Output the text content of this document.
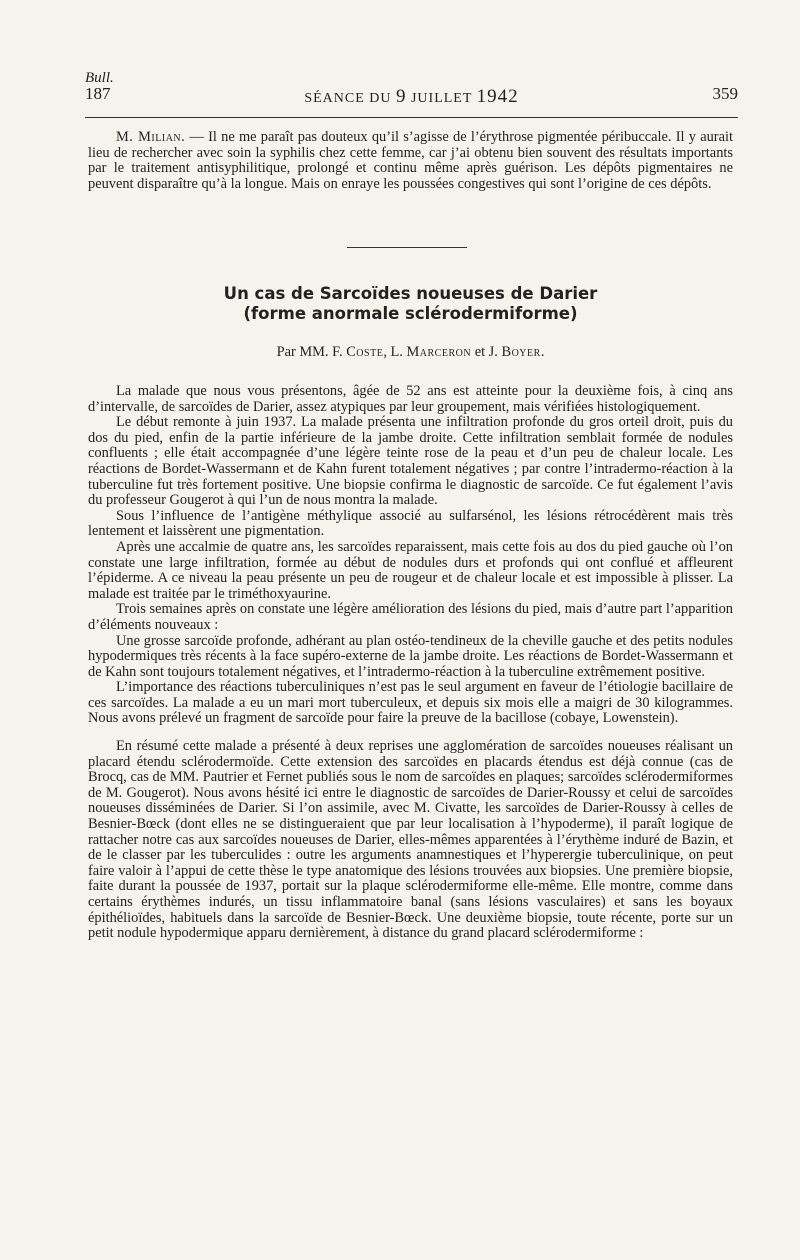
Bull.
187	SÉANCE DU 9 JUILLET 1942	359

M. Milian. — Il ne me paraît pas douteux qu’il s’agisse de l’érythrose pigmentée péribuccale. Il y aurait lieu de rechercher avec soin la syphilis chez cette femme, car j’ai obtenu bien souvent des résultats importants par le traitement antisyphilitique, prolongé et continu même après guérison. Les dépôts pigmentaires ne peuvent disparaître qu’à la longue. Mais on enraye les poussées congestives qui sont l’origine de ces dépôts.

Un cas de Sarcoïdes noueuses de Darier
(forme anormale sclérodermiforme)
Par MM. F. Coste, L. Marceron et J. Boyer.

La malade que nous vous présentons, âgée de 52 ans est atteinte pour la deuxième fois, à cinq ans d’intervalle, de sarcoïdes de Darier, assez atypiques par leur groupement, mais vérifiées histologiquement.

Le début remonte à juin 1937. La malade présenta une infiltration profonde du gros orteil droit, puis du dos du pied, enfin de la partie inférieure de la jambe droite. Cette infiltration semblait formée de nodules confluents ; elle était accompagnée d’une légère teinte rose de la peau et d’un peu de chaleur locale. Les réactions de Bordet-Wassermann et de Kahn furent totalement négatives ; par contre l’intradermo-réaction à la tuberculine fut très fortement positive. Une biopsie confirma le diagnostic de sarcoïde. Ce fut également l’avis du professeur Gougerot à qui l’un de nous montra la malade.

Sous l’influence de l’antigène méthylique associé au sulfarsénol, les lésions rétrocédèrent mais très lentement et laissèrent une pigmentation.

Après une accalmie de quatre ans, les sarcoïdes reparaissent, mais cette fois au dos du pied gauche où l’on constate une large infiltration, formée au début de nodules durs et profonds qui ont conflué et affleurent l’épiderme. A ce niveau la peau présente un peu de rougeur et de chaleur locale et est impossible à plisser. La malade est traitée par le triméthoxyaurine.

Trois semaines après on constate une légère amélioration des lésions du pied, mais d’autre part l’apparition d’éléments nouveaux :

Une grosse sarcoïde profonde, adhérant au plan ostéo-tendineux de la cheville gauche et des petits nodules hypodermiques très récents à la face supéro-externe de la jambe droite. Les réactions de Bordet-Wassermann et de Kahn sont toujours totalement négatives, et l’intradermo-réaction à la tuberculine extrêmement positive.

L’importance des réactions tuberculiniques n’est pas le seul argument en faveur de l’étiologie bacillaire de ces sarcoïdes. La malade a eu un mari mort tuberculeux, et depuis six mois elle a maigri de 30 kilogrammes. Nous avons prélevé un fragment de sarcoïde pour faire la preuve de la bacillose (cobaye, Lowenstein).

En résumé cette malade a présenté à deux reprises une agglomération de sarcoïdes noueuses réalisant un placard étendu sclérodermoïde. Cette extension des sarcoïdes en placards étendus est déjà connue (cas de Brocq, cas de MM. Pautrier et Fernet publiés sous le nom de sarcoïdes en plaques; sarcoïdes sclérodermiformes de M. Gougerot). Nous avons hésité ici entre le diagnostic de sarcoïdes de Darier-Roussy et celui de sarcoïdes noueuses disséminées de Darier. Si l’on assimile, avec M. Civatte, les sarcoïdes de Darier-Roussy à celles de Besnier-Bœck (dont elles ne se distingueraient que par leur localisation à l’hypoderme), il paraît logique de rattacher notre cas aux sarcoïdes noueuses de Darier, elles-mêmes apparentées à l’érythème induré de Bazin, et de le classer par les tuberculides : outre les arguments anamnestiques et l’hyperergie tuberculinique, on peut faire valoir à l’appui de cette thèse le type anatomique des lésions trouvées aux biopsies. Une première biopsie, faite durant la poussée de 1937, portait sur la plaque sclérodermiforme elle-même. Elle montre, comme dans certains érythèmes indurés, un tissu inflammatoire banal (sans lésions vasculaires) et sans les boyaux épithélioïdes, habituels dans la sarcoïde de Besnier-Bœck. Une deuxième biopsie, toute récente, porte sur un petit nodule hypodermique apparu dernièrement, à distance du grand placard sclérodermiforme :
